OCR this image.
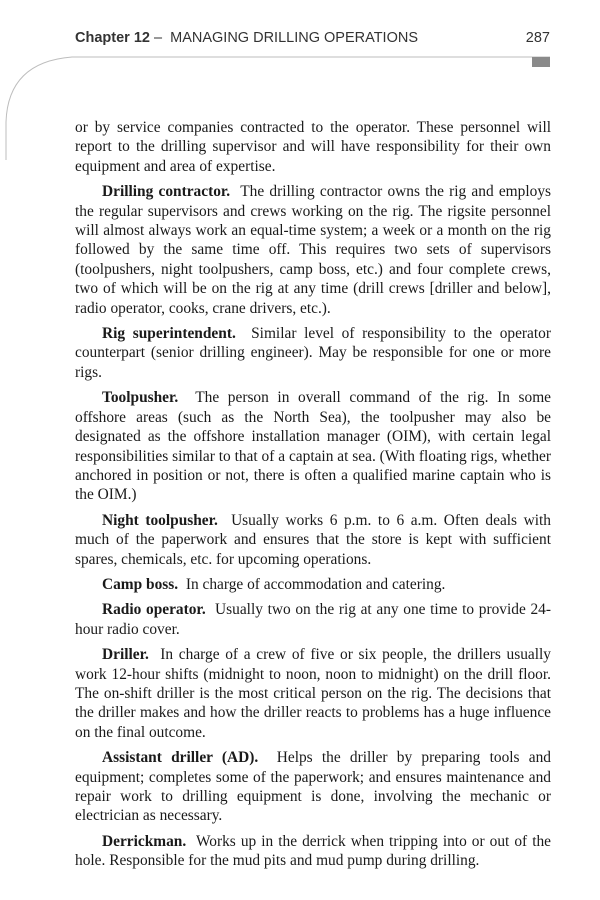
Chapter 12 – MANAGING DRILLING OPERATIONS	287

or by service companies contracted to the operator. These personnel will report to the drilling supervisor and will have responsibility for their own equipment and area of expertise.

Drilling contractor. The drilling contractor owns the rig and employs the regular supervisors and crews working on the rig. The rigsite personnel will almost always work an equal-time system; a week or a month on the rig followed by the same time off. This requires two sets of supervisors (toolpushers, night toolpushers, camp boss, etc.) and four complete crews, two of which will be on the rig at any time (drill crews [driller and below], radio operator, cooks, crane drivers, etc.).

Rig superintendent. Similar level of responsibility to the operator counterpart (senior drilling engineer). May be responsible for one or more rigs.

Toolpusher. The person in overall command of the rig. In some offshore areas (such as the North Sea), the toolpusher may also be designated as the offshore installation manager (OIM), with certain legal responsibilities similar to that of a captain at sea. (With floating rigs, whether anchored in position or not, there is often a qualified marine captain who is the OIM.)

Night toolpusher. Usually works 6 p.m. to 6 a.m. Often deals with much of the paperwork and ensures that the store is kept with sufficient spares, chemicals, etc. for upcoming operations.

Camp boss. In charge of accommodation and catering.

Radio operator. Usually two on the rig at any one time to provide 24-hour radio cover.

Driller. In charge of a crew of five or six people, the drillers usually work 12-hour shifts (midnight to noon, noon to midnight) on the drill floor. The on-shift driller is the most critical person on the rig. The decisions that the driller makes and how the driller reacts to problems has a huge influence on the final outcome.

Assistant driller (AD). Helps the driller by preparing tools and equipment; completes some of the paperwork; and ensures maintenance and repair work to drilling equipment is done, involving the mechanic or electrician as necessary.

Derrickman. Works up in the derrick when tripping into or out of the hole. Responsible for the mud pits and mud pump during drilling.
